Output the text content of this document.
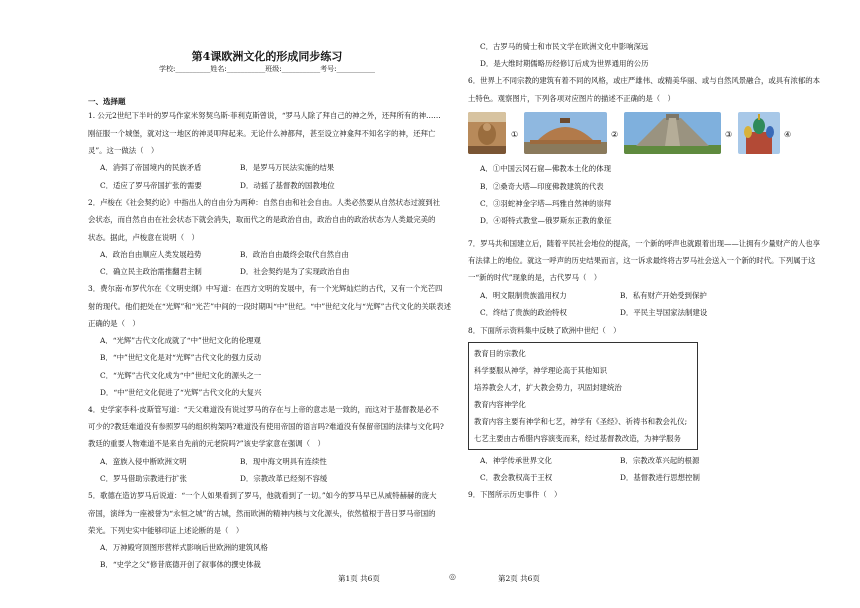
第4课欧洲文化的形成同步练习
学校:__________姓名:___________班级:___________考号:___________
一、选择题
1. 公元2世纪下半叶的罗马作家米努契乌斯·菲利克斯曾说，“罗马人除了拜自己的神之外，还拜所有的神……
刚征服一个城堡，就对这一地区的神灵叩拜起来。无论什么神都拜，甚至设立神龛拜不知名字的神，还拜亡
灵”。这一做法（　）
A．消弭了帝国境内的民族矛盾	B．是罗马万民法实施的结果
C．适应了罗马帝国扩张的需要	D．动摇了基督教的国教地位
2．卢梭在《社会契约论》中指出人的自由分为两种：自然自由和社会自由。人类必然要从自然状态过渡到社
会状态，而自然自由在社会状态下就会消失，取而代之的是政治自由，政治自由的政治状态为人类最完美的
状态。据此，卢梭意在说明（　）
A．政治自由顺应人类发展趋势	B．政治自由最终会取代自然自由
C．确立民主政治需推翻君主制	D．社会契约是为了实现政治自由
3．费尔南·布罗代尔在《文明史纲》中写道：在西方文明的发展中，有一个光辉灿烂的古代，又有一个光芒四
射的现代。他们把处在“光辉”和“光芒”中间的一段时期叫“中”世纪。“中”世纪文化与“光辉”古代文化的关联表述
正确的是（　）
A．“光辉”古代文化成就了“中”世纪文化的伦理观
B．“中”世纪文化是对“光辉”古代文化的强力反动
C．“光辉”古代文化成为“中”世纪文化的源头之一
D．“中”世纪文化促进了“光辉”古代文化的大复兴
4．史学家李科·皮斯管写道：“天父难道没有说过罗马的存在与上帝的意志是一致的，而这对于基督教是必不
可少的?教廷难道没有参照罗马的组织构架吗?难道没有使用帝国的语言吗?难道没有保留帝国的法律与文化吗?
教廷的重要人物难道不是来自先前的元老院吗?”该史学家意在强调（　）
A．蛮族入侵中断欧洲文明	B．现中海文明具有连续性
C．罗马借助宗教进行扩张	D．宗教改革已经刻不容缓
5．歌德在造访罗马后说道：“一个人如果看到了罗马，他就看到了一切。”如今的罗马早已从威特赫赫的庞大
帝国，演绎为一座被誉为“永恒之城”的古城，然而欧洲的精神内核与文化源头，依然植根于昔日罗马帝国的
荣光。下列史实中能够印证上述论断的是（　）
A．万神殿穹顶图形营样式影响后世欧洲的建筑风格
B．“史学之父”修昔底德开创了叙事体的撰史体裁
第1页 共6页	◎
C．古罗马的骑士和市民文学在欧洲文化中影响深远
D．是大维时期儒略历经修订后成为世界通用的公历
6．世界上不同宗教的建筑有着不同的风格，或庄严雄伟、或精美华丽、或与自然风景融合，或具有浓郁的本
土特色。观察图片，下列各项对应图片的描述不正确的是（　）
①	②	③	④
A．①中国云冈石窟—佛教本土化的体现
B．②桑奇大塔—印度佛教建筑的代表
C．③羽蛇神金字塔—玛雅自然神的崇拜
D．④哥特式教堂—俄罗斯东正教的象征
7．罗马共和国建立后，随着平民社会地位的提高，一个新的呼声也就跟着出现——让拥有少量财产的人也享
有法律上的地位。就这一呼声的历史结果而言，这一诉求最终将古罗马社会送入一个新的时代。下列属于这
一“新的时代”现象的是，古代罗马（　）
A．明文限制贵族滥用权力	B．私有财产开始受到保护
C．终结了贵族的政治特权	D．平民主导国家法制建设
8．下面所示资料集中反映了欧洲中世纪（　）
教育目的宗教化
科学要服从神学，神学理论高于其他知识
培养教会人才，扩大教会势力，巩固封建统治
教育内容神学化
教育内容主要有神学和七艺，神学有《圣经》、祈祷书和教会礼仪;
七艺主要由古希腊内容演变而来，经过基督教改造，为神学服务
A．神学传承世界文化	B．宗教改革兴起的根源
C．教会教权高于王权	D．基督教进行思想控制
9．下图所示历史事件（　）
第2页 共6页
